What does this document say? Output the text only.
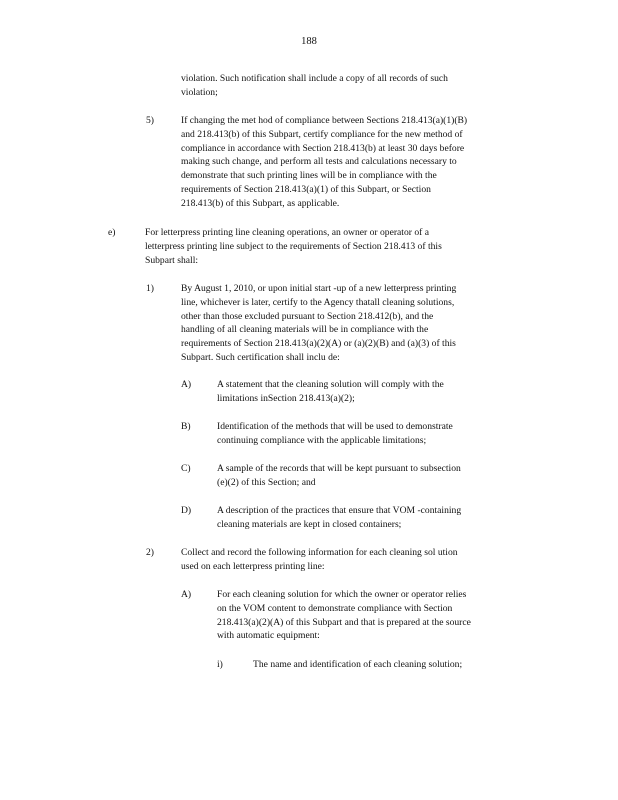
188

violation. Such notification shall include a copy of all records of such

violation;

5)	If changing the met hod of compliance between Sections 218.413(a)(1)(B)

and 218.413(b) of this Subpart, certify compliance for the new method of

compliance in accordance with Section 218.413(b) at least 30 days before

making such change, and perform all tests and calculations necessary to

demonstrate that such printing lines will be in compliance with the

requirements of Section 218.413(a)(1) of this Subpart, or Section

218.413(b) of this Subpart, as applicable.

e)	For letterpress printing line cleaning operations, an owner or operator of a

letterpress printing line subject to the requirements of Section 218.413 of this

Subpart shall:

1)	By August 1, 2010, or upon initial start -up of a new letterpress printing

line, whichever is later, certify to the Agency thatall cleaning solutions,

other than those excluded pursuant to Section 218.412(b), and the

handling of all cleaning materials will be in compliance with the

requirements of Section 218.413(a)(2)(A) or (a)(2)(B) and (a)(3) of this

Subpart. Such certification shall inclu de:

A)	A statement that the cleaning solution will comply with the

limitations inSection 218.413(a)(2);

B)	Identification of the methods that will be used to demonstrate

continuing compliance with the applicable limitations;

C)	A sample of the records that will be kept pursuant to subsection

(e)(2) of this Section; and

D)	A description of the practices that ensure that VOM -containing

cleaning materials are kept in closed containers;

2)	Collect and record the following information for each cleaning sol ution

used on each letterpress printing line:

A)	For each cleaning solution for which the owner or operator relies

on the VOM content to demonstrate compliance with Section

218.413(a)(2)(A) of this Subpart and that is prepared at the source

with automatic equipment:

i)	The name and identification of each cleaning solution;
